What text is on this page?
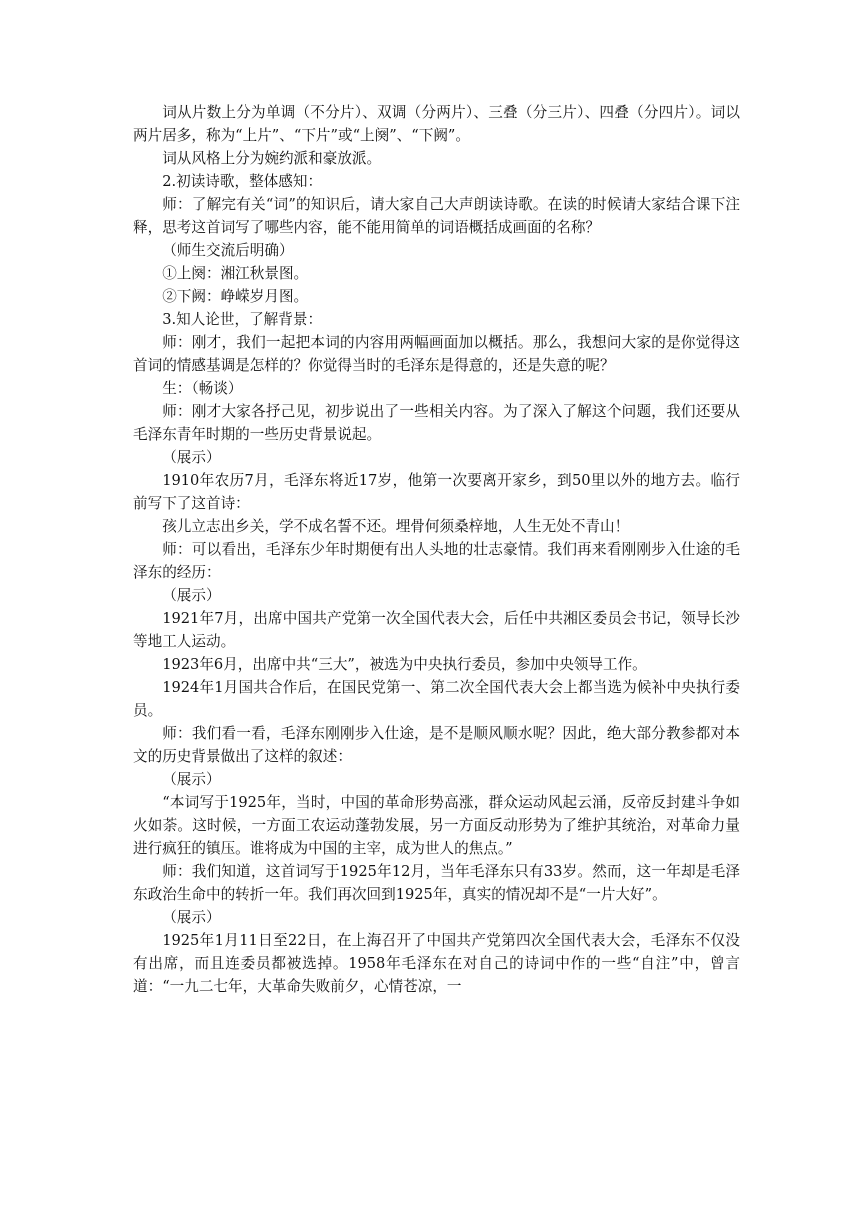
词从片数上分为单调（不分片）、双调（分两片）、三叠（分三片）、四叠（分四片）。词以两片居多，称为“上片”、“下片”或“上阕”、“下阙”。

词从风格上分为婉约派和豪放派。

2.初读诗歌，整体感知：

师：了解完有关“词”的知识后，请大家自己大声朗读诗歌。在读的时候请大家结合课下注释，思考这首词写了哪些内容，能不能用简单的词语概括成画面的名称？

（师生交流后明确）

①上阕：湘江秋景图。

②下阙：峥嵘岁月图。

3.知人论世，了解背景：

师：刚才，我们一起把本词的内容用两幅画面加以概括。那么，我想问大家的是你觉得这首词的情感基调是怎样的？你觉得当时的毛泽东是得意的，还是失意的呢？

生：（畅谈）

师：刚才大家各抒己见，初步说出了一些相关内容。为了深入了解这个问题，我们还要从毛泽东青年时期的一些历史背景说起。

（展示）

1910年农历7月，毛泽东将近17岁，他第一次要离开家乡，到50里以外的地方去。临行前写下了这首诗：

孩儿立志出乡关，学不成名誓不还。埋骨何须桑梓地，人生无处不青山！

师：可以看出，毛泽东少年时期便有出人头地的壮志豪情。我们再来看刚刚步入仕途的毛泽东的经历：

（展示）

1921年7月，出席中国共产党第一次全国代表大会，后任中共湘区委员会书记，领导长沙等地工人运动。

1923年6月，出席中共“三大”，被选为中央执行委员，参加中央领导工作。

1924年1月国共合作后，在国民党第一、第二次全国代表大会上都当选为候补中央执行委员。

师：我们看一看，毛泽东刚刚步入仕途，是不是顺风顺水呢？因此，绝大部分教参都对本文的历史背景做出了这样的叙述：

（展示）

“本词写于1925年，当时，中国的革命形势高涨，群众运动风起云涌，反帝反封建斗争如火如荼。这时候，一方面工农运动蓬勃发展，另一方面反动形势为了维护其统治，对革命力量进行疯狂的镇压。谁将成为中国的主宰，成为世人的焦点。”

师：我们知道，这首词写于1925年12月，当年毛泽东只有33岁。然而，这一年却是毛泽东政治生命中的转折一年。我们再次回到1925年，真实的情况却不是“一片大好”。

（展示）

1925年1月11日至22日，在上海召开了中国共产党第四次全国代表大会，毛泽东不仅没有出席，而且连委员都被选掉。1958年毛泽东在对自己的诗词中作的一些“自注”中，曾言道：“一九二七年，大革命失败前夕，心情苍凉，一
